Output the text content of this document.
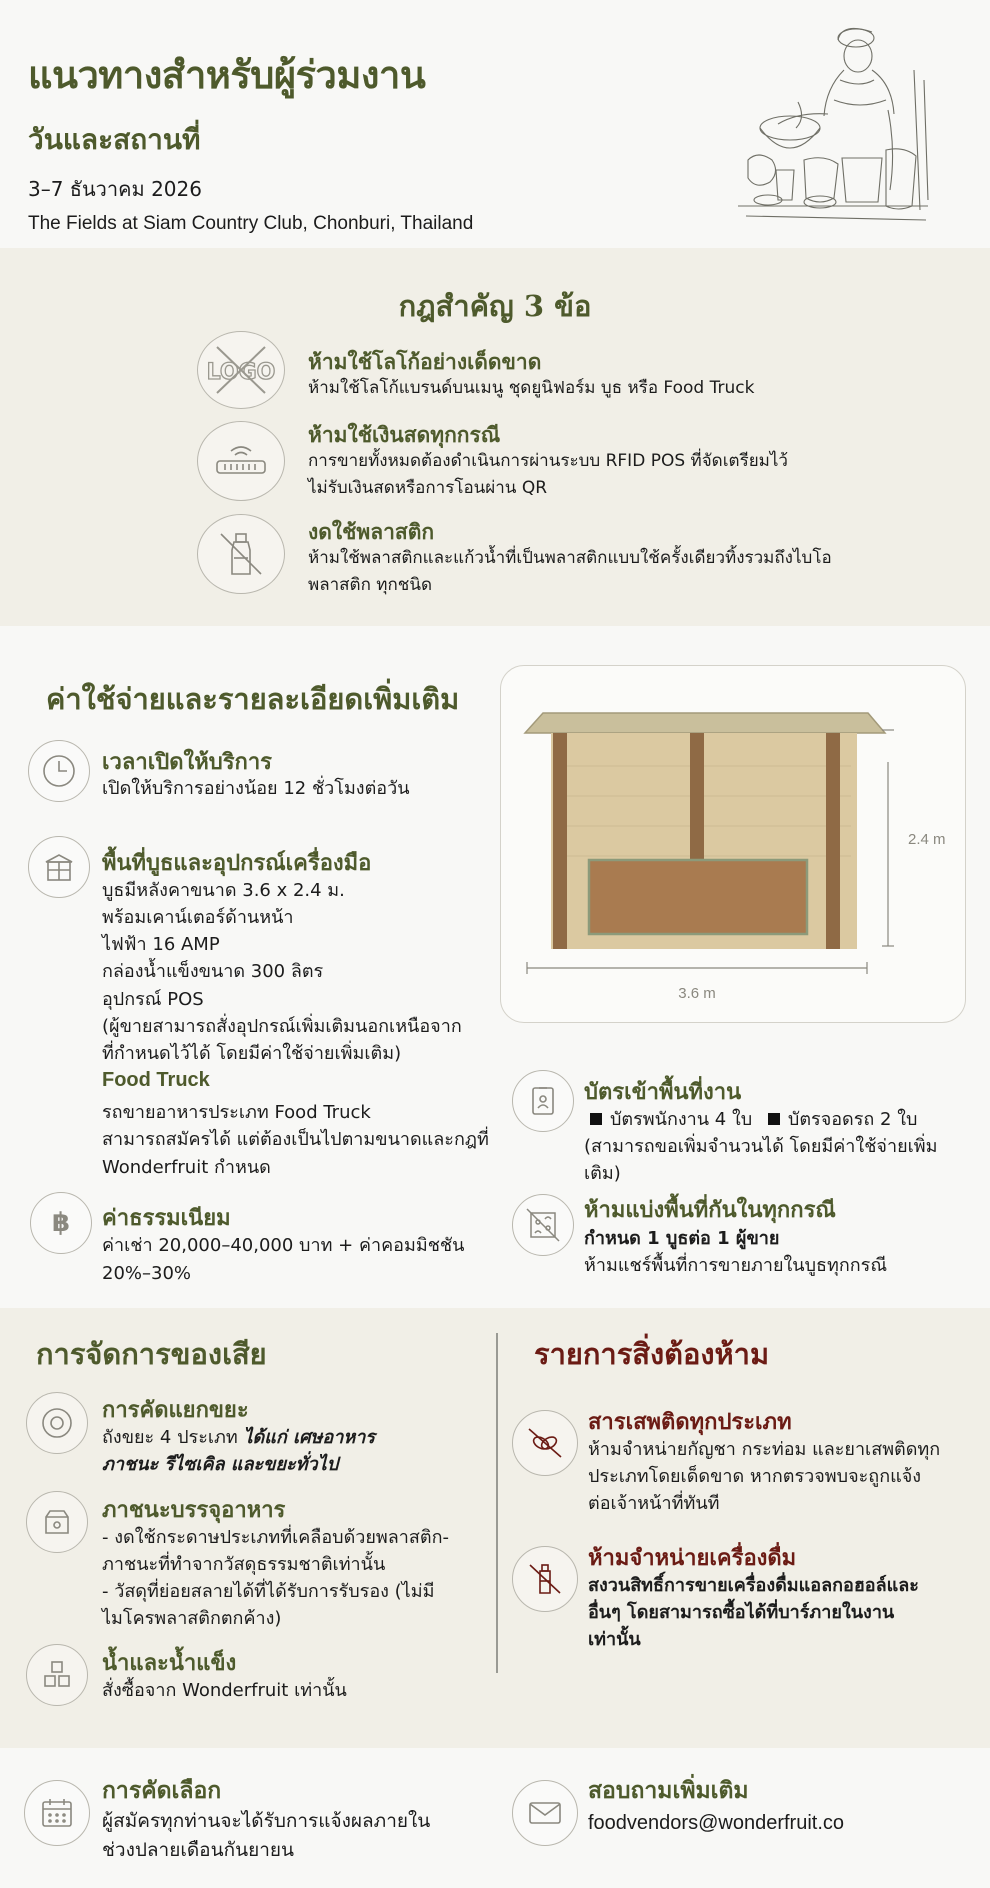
แนวทางสำหรับผู้ร่วมงาน
วันและสถานที่
3–7 ธันวาคม 2026
The Fields at Siam Country Club, Chonburi, Thailand
กฎสำคัญ 3 ข้อ
LOGO ห้ามใช้โลโก้อย่างเด็ดขาด
ห้ามใช้โลโก้แบรนด์บนเมนู ชุดยูนิฟอร์ม บูธ หรือ Food Truck
ห้ามใช้เงินสดทุกกรณี
การขายทั้งหมดต้องดำเนินการผ่านระบบ RFID POS ที่จัดเตรียมไว้
ไม่รับเงินสดหรือการโอนผ่าน QR
งดใช้พลาสติก
ห้ามใช้พลาสติกและแก้วน้ำที่เป็นพลาสติกแบบใช้ครั้งเดียวทิ้งรวมถึงไบโอ
พลาสติก ทุกชนิด
ค่าใช้จ่ายและรายละเอียดเพิ่มเติม
เวลาเปิดให้บริการ
เปิดให้บริการอย่างน้อย 12 ชั่วโมงต่อวัน
พื้นที่บูธและอุปกรณ์เครื่องมือ
บูธมีหลังคาขนาด 3.6 x 2.4 ม.
พร้อมเคาน์เตอร์ด้านหน้า
ไฟฟ้า 16 AMP
กล่องน้ำแข็งขนาด 300 ลิตร
อุปกรณ์ POS
(ผู้ขายสามารถสั่งอุปกรณ์เพิ่มเติมนอกเหนือจาก
ที่กำหนดไว้ได้ โดยมีค่าใช้จ่ายเพิ่มเติม)
Food Truck
รถขายอาหารประเภท Food Truck
สามารถสมัครได้ แต่ต้องเป็นไปตามขนาดและกฎที่
Wonderfruit กำหนด
฿ ค่าธรรมเนียม
ค่าเช่า 20,000–40,000 บาท + ค่าคอมมิชชัน
20%–30%
2.4 m
3.6 m
บัตรเข้าพื้นที่งาน
บัตรพนักงาน 4 ใบ บัตรจอดรถ 2 ใบ
(สามารถขอเพิ่มจำนวนได้ โดยมีค่าใช้จ่ายเพิ่ม
เติม)
ห้ามแบ่งพื้นที่กันในทุกกรณี
กำหนด 1 บูธต่อ 1 ผู้ขาย
ห้ามแชร์พื้นที่การขายภายในบูธทุกกรณี
การจัดการของเสีย
การคัดแยกขยะ
ถังขยะ 4 ประเภท ได้แก่ เศษอาหาร
ภาชนะ รีไซเคิล และขยะทั่วไป
ภาชนะบรรจุอาหาร
- งดใช้กระดาษประเภทที่เคลือบด้วยพลาสติก-
ภาชนะที่ทำจากวัสดุธรรมชาติเท่านั้น
- วัสดุที่ย่อยสลายได้ที่ได้รับการรับรอง (ไม่มี
ไมโครพลาสติกตกค้าง)
น้ำและน้ำแข็ง
สั่งซื้อจาก Wonderfruit เท่านั้น
รายการสิ่งต้องห้าม
สารเสพติดทุกประเภท
ห้ามจำหน่ายกัญชา กระท่อม และยาเสพติดทุก
ประเภทโดยเด็ดขาด หากตรวจพบจะถูกแจ้ง
ต่อเจ้าหน้าที่ทันที
ห้ามจำหน่ายเครื่องดื่ม
สงวนสิทธิ์การขายเครื่องดื่มแอลกอฮอล์และ
อื่นๆ โดยสามารถซื้อได้ที่บาร์ภายในงาน
เท่านั้น
การคัดเลือก
ผู้สมัครทุกท่านจะได้รับการแจ้งผลภายใน
ช่วงปลายเดือนกันยายน
สอบถามเพิ่มเติม
foodvendors@wonderfruit.co
